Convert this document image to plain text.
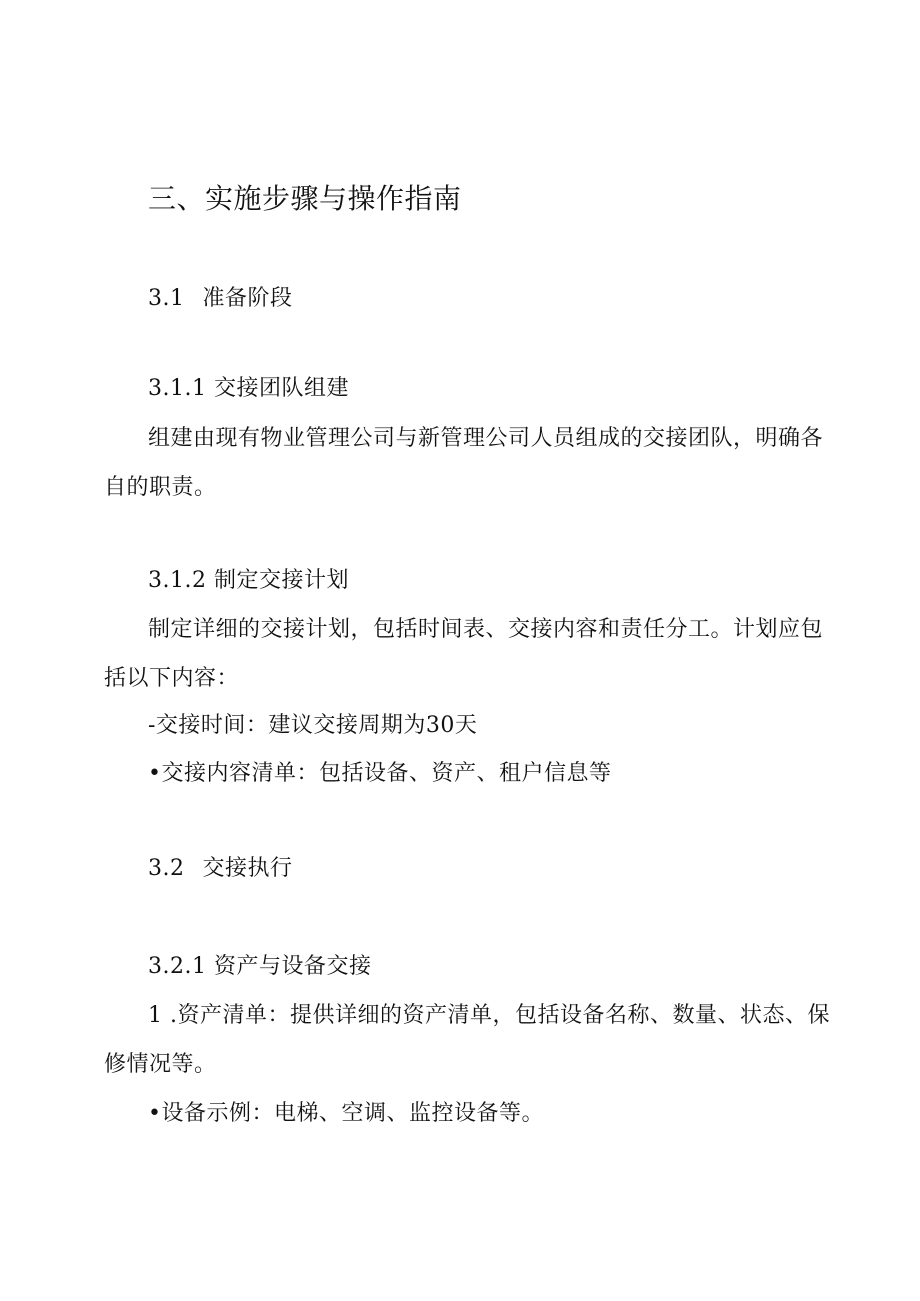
三、实施步骤与操作指南
3.1 准备阶段
3.1.1 交接团队组建
组建由现有物业管理公司与新管理公司人员组成的交接团队，明确各
自的职责。
3.1.2 制定交接计划
制定详细的交接计划，包括时间表、交接内容和责任分工。计划应包
括以下内容：
-交接时间：建议交接周期为30天
•交接内容清单：包括设备、资产、租户信息等
3.2 交接执行
3.2.1 资产与设备交接
1 .资产清单：提供详细的资产清单，包括设备名称、数量、状态、保
修情况等。
•设备示例：电梯、空调、监控设备等。
